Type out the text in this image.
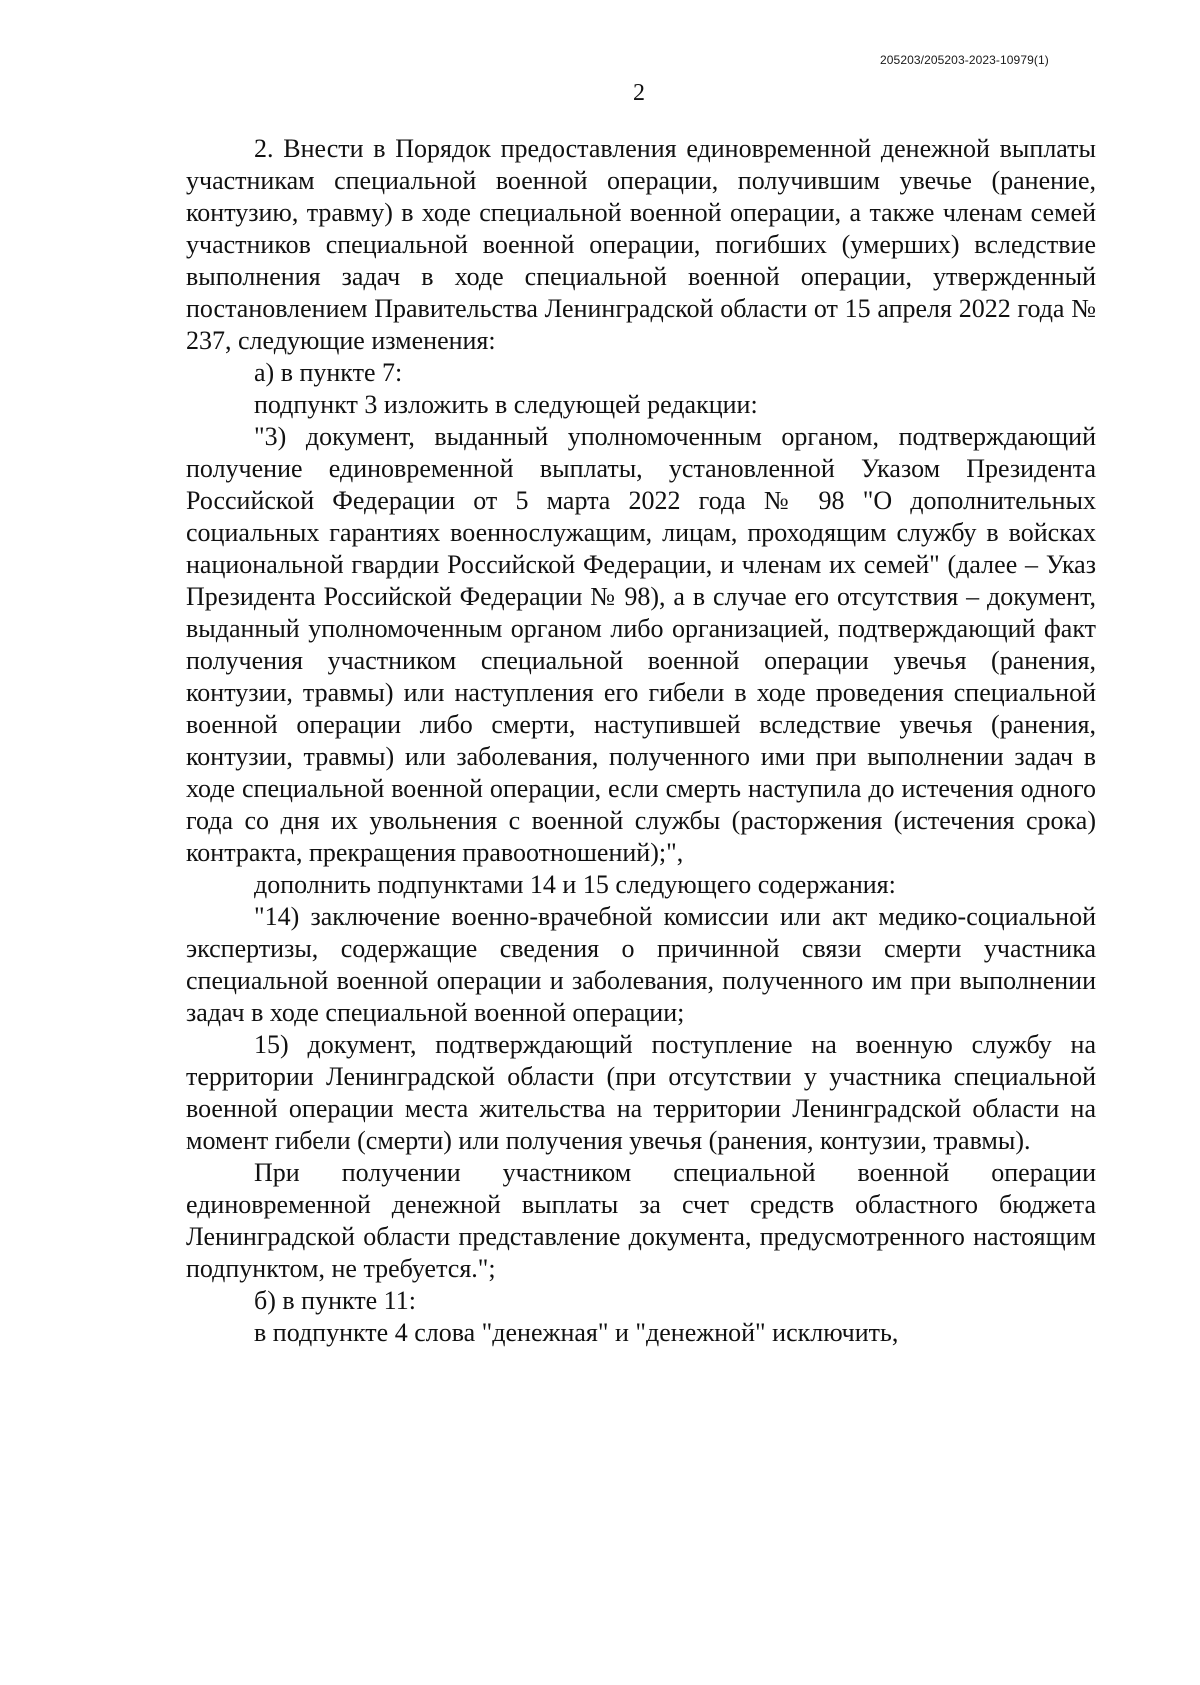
205203/205203-2023-10979(1)
2

2. Внести в Порядок предоставления единовременной денежной выплаты участникам специальной военной операции, получившим увечье (ранение, контузию, травму) в ходе специальной военной операции, а также членам семей участников специальной военной операции, погибших (умерших) вследствие выполнения задач в ходе специальной военной операции, утвержденный постановлением Правительства Ленинградской области от 15 апреля 2022 года № 237, следующие изменения:

а) в пункте 7:

подпункт 3 изложить в следующей редакции:

"3) документ, выданный уполномоченным органом, подтверждающий получение единовременной выплаты, установленной Указом Президента Российской Федерации от 5 марта 2022 года № 98 "О дополнительных социальных гарантиях военнослужащим, лицам, проходящим службу в войсках национальной гвардии Российской Федерации, и членам их семей" (далее – Указ Президента Российской Федерации № 98), а в случае его отсутствия – документ, выданный уполномоченным органом либо организацией, подтверждающий факт получения участником специальной военной операции увечья (ранения, контузии, травмы) или наступления его гибели в ходе проведения специальной военной операции либо смерти, наступившей вследствие увечья (ранения, контузии, травмы) или заболевания, полученного ими при выполнении задач в ходе специальной военной операции, если смерть наступила до истечения одного года со дня их увольнения с военной службы (расторжения (истечения срока) контракта, прекращения правоотношений);",

дополнить подпунктами 14 и 15 следующего содержания:

"14) заключение военно-врачебной комиссии или акт медико-социальной экспертизы, содержащие сведения о причинной связи смерти участника специальной военной операции и заболевания, полученного им при выполнении задач в ходе специальной военной операции;

15) документ, подтверждающий поступление на военную службу на территории Ленинградской области (при отсутствии у участника специальной военной операции места жительства на территории Ленинградской области на момент гибели (смерти) или получения увечья (ранения, контузии, травмы).

При получении участником специальной военной операции единовременной денежной выплаты за счет средств областного бюджета Ленинградской области представление документа, предусмотренного настоящим подпунктом, не требуется.";

б) в пункте 11:

в подпункте 4 слова "денежная" и "денежной" исключить,
